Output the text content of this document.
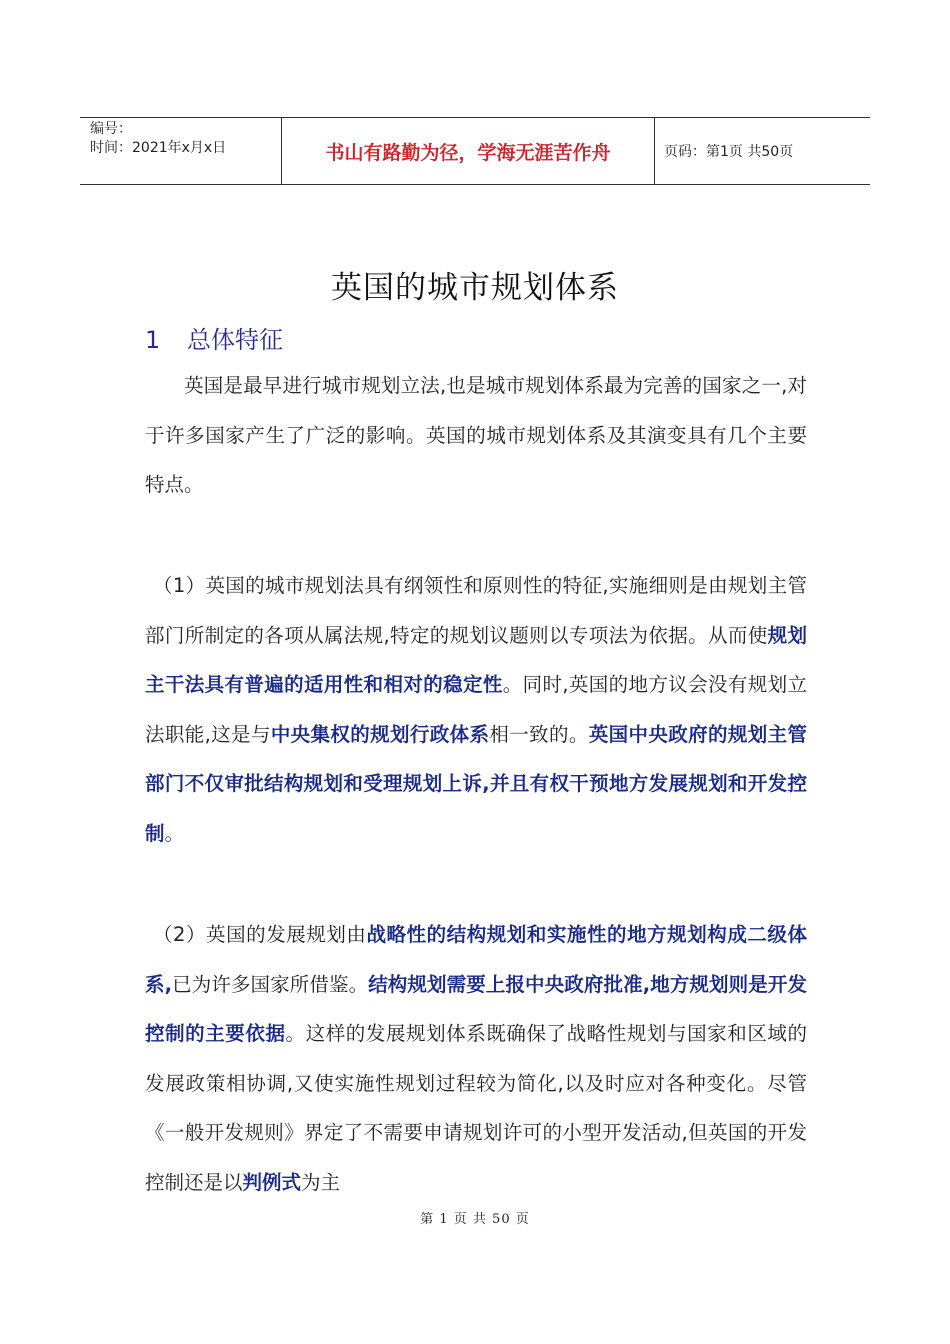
编号：
时间：2021年x月x日	书山有路勤为径，学海无涯苦作舟	页码：第1页 共50页
英国的城市规划体系
1 总体特征

英国是最早进行城市规划立法,也是城市规划体系最为完善的国家之一,对于许多国家产生了广泛的影响。英国的城市规划体系及其演变具有几个主要特点。

（1）英国的城市规划法具有纲领性和原则性的特征,实施细则是由规划主管部门所制定的各项从属法规,特定的规划议题则以专项法为依据。从而使规划主干法具有普遍的适用性和相对的稳定性。同时,英国的地方议会没有规划立法职能,这是与中央集权的规划行政体系相一致的。英国中央政府的规划主管部门不仅审批结构规划和受理规划上诉,并且有权干预地方发展规划和开发控制。

（2）英国的发展规划由战略性的结构规划和实施性的地方规划构成二级体系,已为许多国家所借鉴。结构规划需要上报中央政府批准,地方规划则是开发控制的主要依据。这样的发展规划体系既确保了战略性规划与国家和区域的发展政策相协调,又使实施性规划过程较为简化,以及时应对各种变化。尽管《一般开发规则》界定了不需要申请规划许可的小型开发活动,但英国的开发控制还是以判例式为主

第 1 页 共 50 页
